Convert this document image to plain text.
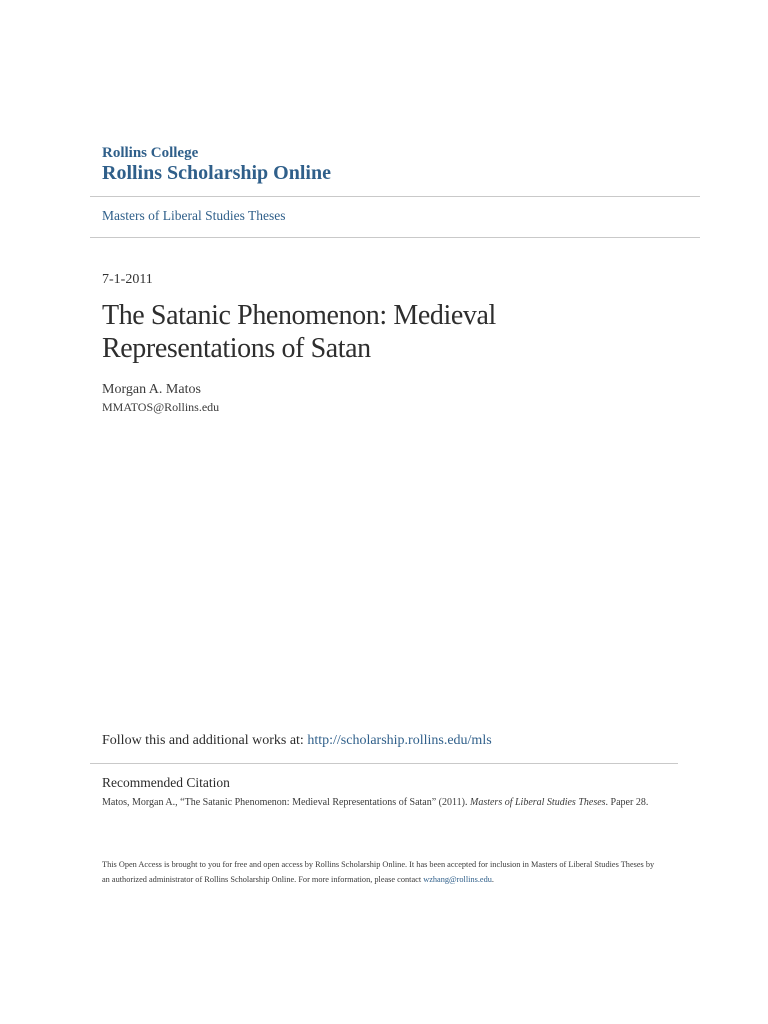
Rollins College
Rollins Scholarship Online
Masters of Liberal Studies Theses
7-1-2011
The Satanic Phenomenon: Medieval Representations of Satan
Morgan A. Matos
MMATOS@Rollins.edu
Follow this and additional works at: http://scholarship.rollins.edu/mls
Recommended Citation
Matos, Morgan A., “The Satanic Phenomenon: Medieval Representations of Satan” (2011). Masters of Liberal Studies Theses. Paper 28.
This Open Access is brought to you for free and open access by Rollins Scholarship Online. It has been accepted for inclusion in Masters of Liberal Studies Theses by an authorized administrator of Rollins Scholarship Online. For more information, please contact wzhang@rollins.edu.
